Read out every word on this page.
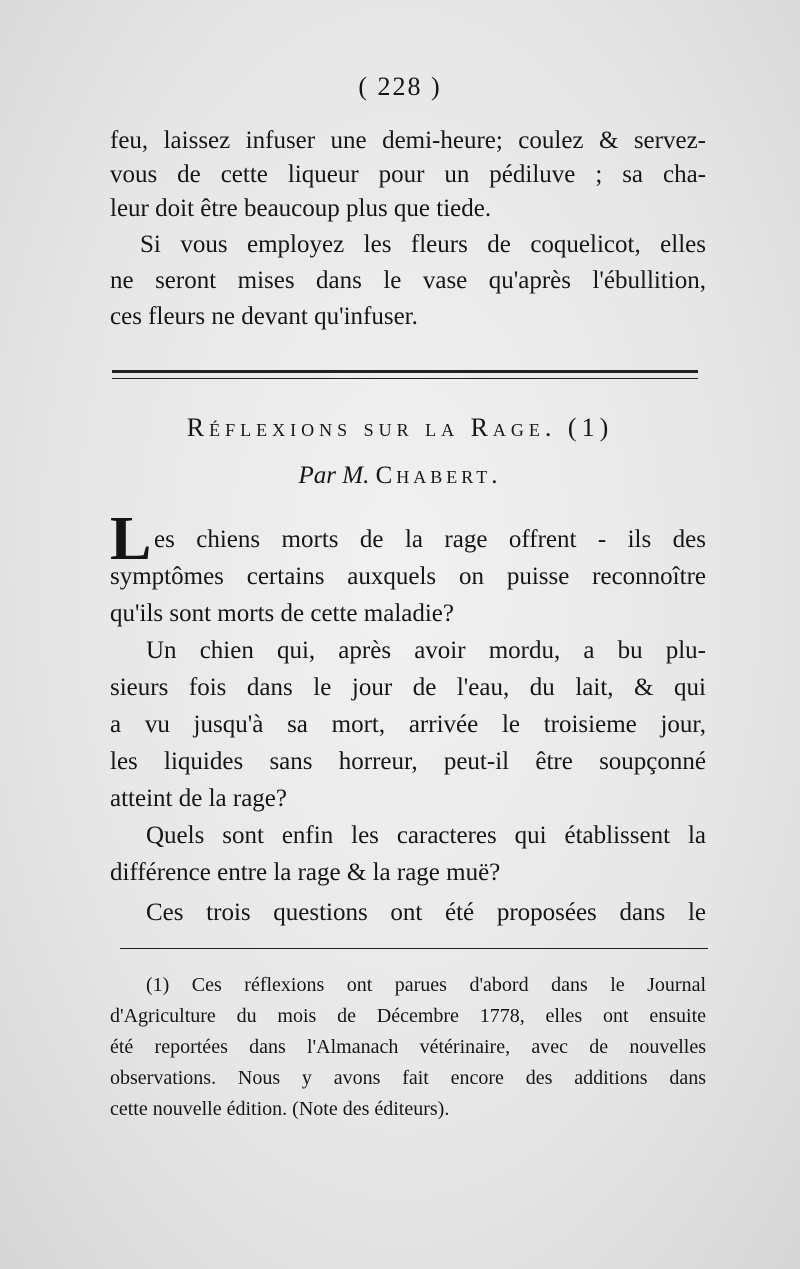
( 228 )
feu, laissez infuser une demi-heure; coulez & servez-
vous de cette liqueur pour un pédiluve ; sa cha-
leur doit être beaucoup plus que tiede.
Si vous employez les fleurs de coquelicot, elles
ne seront mises dans le vase qu'après l'ébullition,
ces fleurs ne devant qu'infuser.
Réflexions sur la Rage. (1)
Par M. Chabert.
L es chiens morts de la rage offrent - ils des
symptômes certains auxquels on puisse reconnoître
qu'ils sont morts de cette maladie?
Un chien qui, après avoir mordu, a bu plu-
sieurs fois dans le jour de l'eau, du lait, & qui
a vu jusqu'à sa mort, arrivée le troisieme jour,
les liquides sans horreur, peut-il être soupçonné
atteint de la rage?
Quels sont enfin les caracteres qui établissent la
différence entre la rage & la rage muë?
Ces trois questions ont été proposées dans le
(1) Ces réflexions ont parues d'abord dans le Journal
d'Agriculture du mois de Décembre 1778, elles ont ensuite
été reportées dans l'Almanach vétérinaire, avec de nouvelles
observations. Nous y avons fait encore des additions dans
cette nouvelle édition. (Note des éditeurs).
